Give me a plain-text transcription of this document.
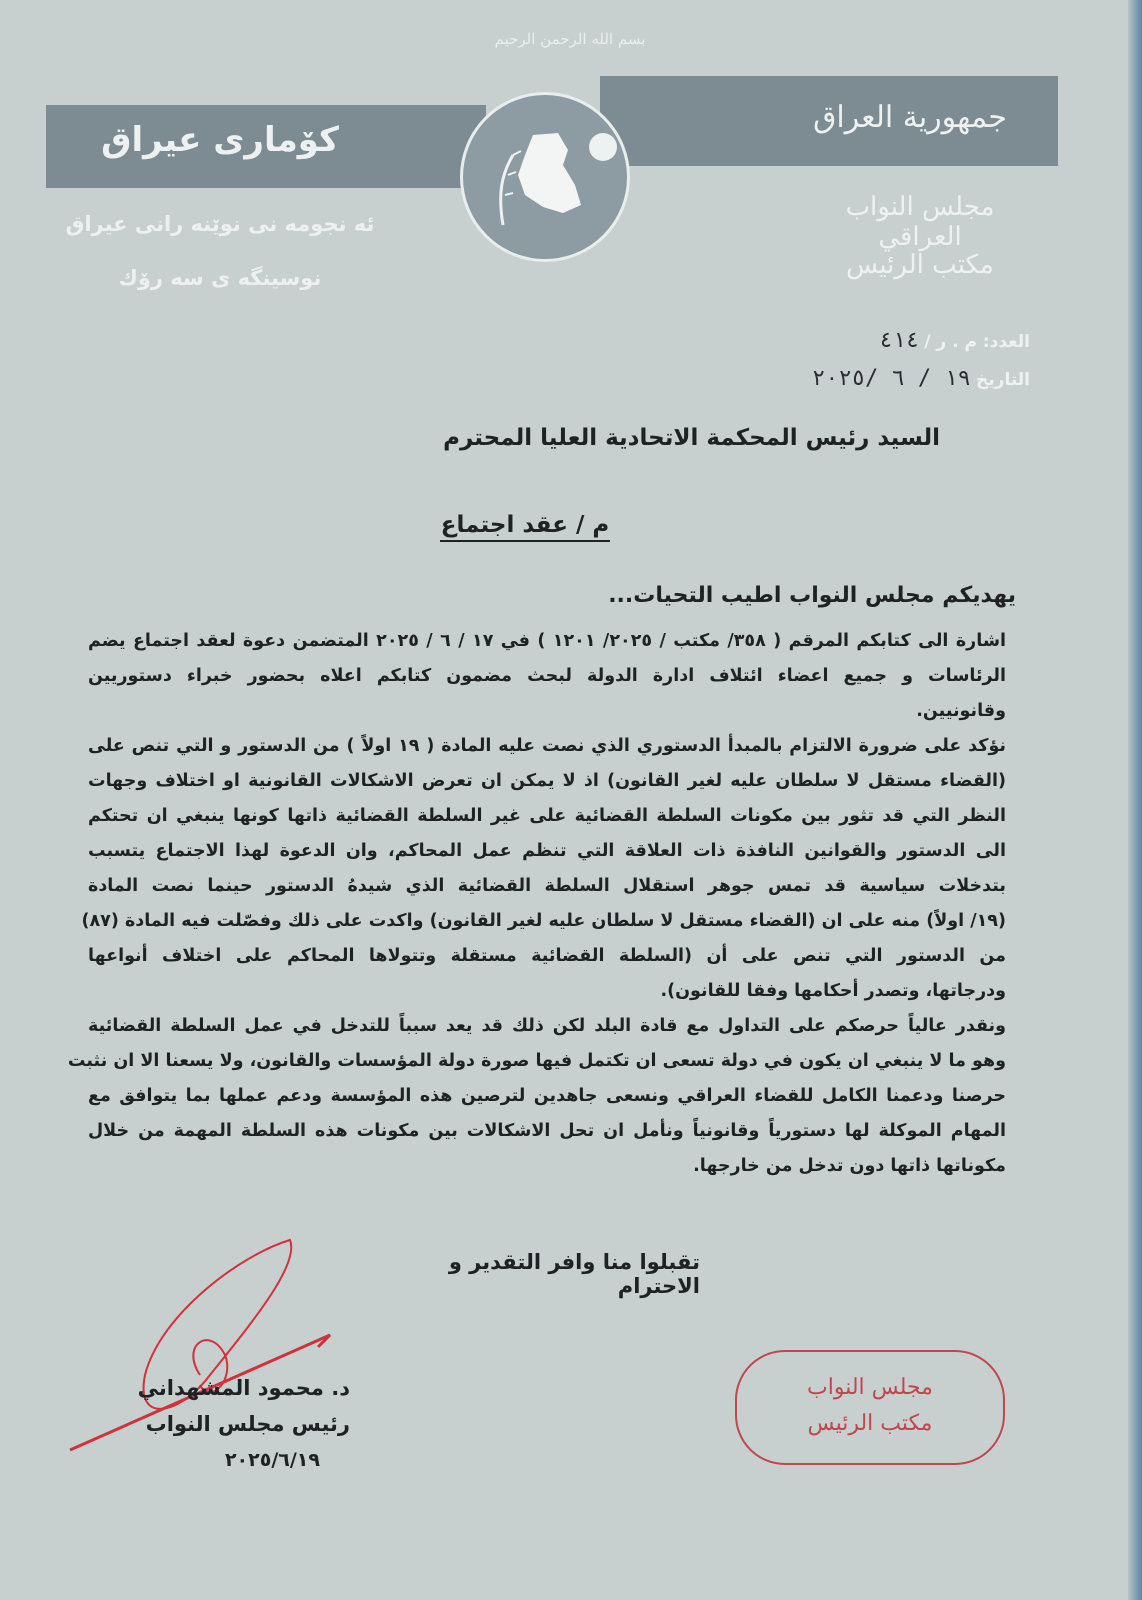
بسم الله الرحمن الرحيم
كۆماری عیراق
جمهورية العراق
مجلس النواب العراقي
مكتب الرئيس
ئه نجومه نی نوێنه رانی عیراق
نوسینگه ى سه رۆك
العدد: م . ر / ٤١٤
التاريخ ١٩ / ٦ /٢٠٢٥
السيد رئيس المحكمة الاتحادية العليا المحترم
م / عقد اجتماع
يهديكم مجلس النواب اطيب التحيات...
اشارة الى كتابكم المرقم ( ٣٥٨/ مكتب / ٢٠٢٥/ ١٢٠١ ) في ١٧ / ٦ / ٢٠٢٥ المتضمن دعوة لعقد اجتماع يضم
الرئاسات و جميع اعضاء ائتلاف ادارة الدولة لبحث مضمون كتابكم اعلاه بحضور خبراء دستوريين
وقانونيين.
نؤكد على ضرورة الالتزام بالمبدأ الدستوري الذي نصت عليه المادة ( ١٩ اولاً ) من الدستور و التي تنص على
(القضاء مستقل لا سلطان عليه لغير القانون) اذ لا يمكن ان تعرض الاشكالات القانونية او اختلاف وجهات
النظر التي قد تثور بين مكونات السلطة القضائية على غير السلطة القضائية ذاتها كونها ينبغي ان تحتكم
الى الدستور والقوانين النافذة ذات العلاقة التي تنظم عمل المحاكم، وان الدعوة لهذا الاجتماع يتسبب
بتدخلات سياسية قد تمس جوهر استقلال السلطة القضائية الذي شيدهُ الدستور حينما نصت المادة
(١٩/ اولاً) منه على ان (القضاء مستقل لا سلطان عليه لغير القانون) واكدت على ذلك وفصّلت فيه المادة (٨٧)
من الدستور التي تنص على أن (السلطة القضائية مستقلة وتتولاها المحاكم على اختلاف أنواعها
ودرجاتها، وتصدر أحكامها وفقا للقانون).
ونقدر عالياً حرصكم على التداول مع قادة البلد لكن ذلك قد يعد سبباً للتدخل في عمل السلطة القضائية
وهو ما لا ينبغي ان يكون في دولة تسعى ان تكتمل فيها صورة دولة المؤسسات والقانون، ولا يسعنا الا ان نثبت
حرصنا ودعمنا الكامل للقضاء العراقي ونسعى جاهدين لترصين هذه المؤسسة ودعم عملها بما يتوافق مع
المهام الموكلة لها دستورياً وقانونياً ونأمل ان تحل الاشكالات بين مكونات هذه السلطة المهمة من خلال
مكوناتها ذاتها دون تدخل من خارجها.
تقبلوا منا وافر التقدير و الاحترام
د. محمود المشهداني
رئيس مجلس النواب
٢٠٢٥/٦/١٩
مجلس النواب
مكتب الرئيس
